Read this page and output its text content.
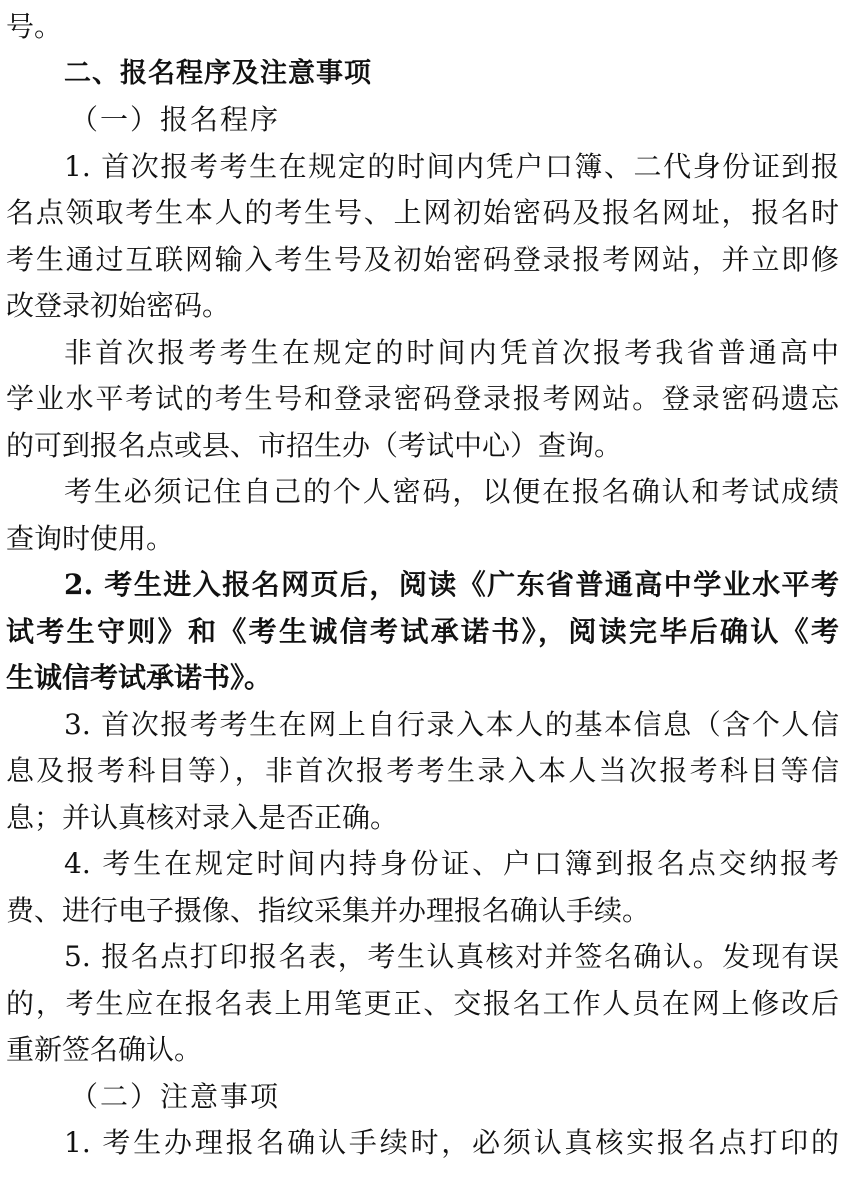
号。
二、报名程序及注意事项
（一）报名程序
1. 首次报考考生在规定的时间内凭户口簿、二代身份证到报
名点领取考生本人的考生号、上网初始密码及报名网址，报名时
考生通过互联网输入考生号及初始密码登录报考网站，并立即修
改登录初始密码。
非首次报考考生在规定的时间内凭首次报考我省普通高中
学业水平考试的考生号和登录密码登录报考网站。登录密码遗忘
的可到报名点或县、市招生办（考试中心）查询。
考生必须记住自己的个人密码，以便在报名确认和考试成绩
查询时使用。
2. 考生进入报名网页后，阅读《广东省普通高中学业水平考
试考生守则》和《考生诚信考试承诺书》，阅读完毕后确认《考
生诚信考试承诺书》。
3. 首次报考考生在网上自行录入本人的基本信息（含个人信
息及报考科目等），非首次报考考生录入本人当次报考科目等信
息；并认真核对录入是否正确。
4. 考生在规定时间内持身份证、户口簿到报名点交纳报考
费、进行电子摄像、指纹采集并办理报名确认手续。
5. 报名点打印报名表，考生认真核对并签名确认。发现有误
的，考生应在报名表上用笔更正、交报名工作人员在网上修改后
重新签名确认。
（二）注意事项
1. 考生办理报名确认手续时，必须认真核实报名点打印的
